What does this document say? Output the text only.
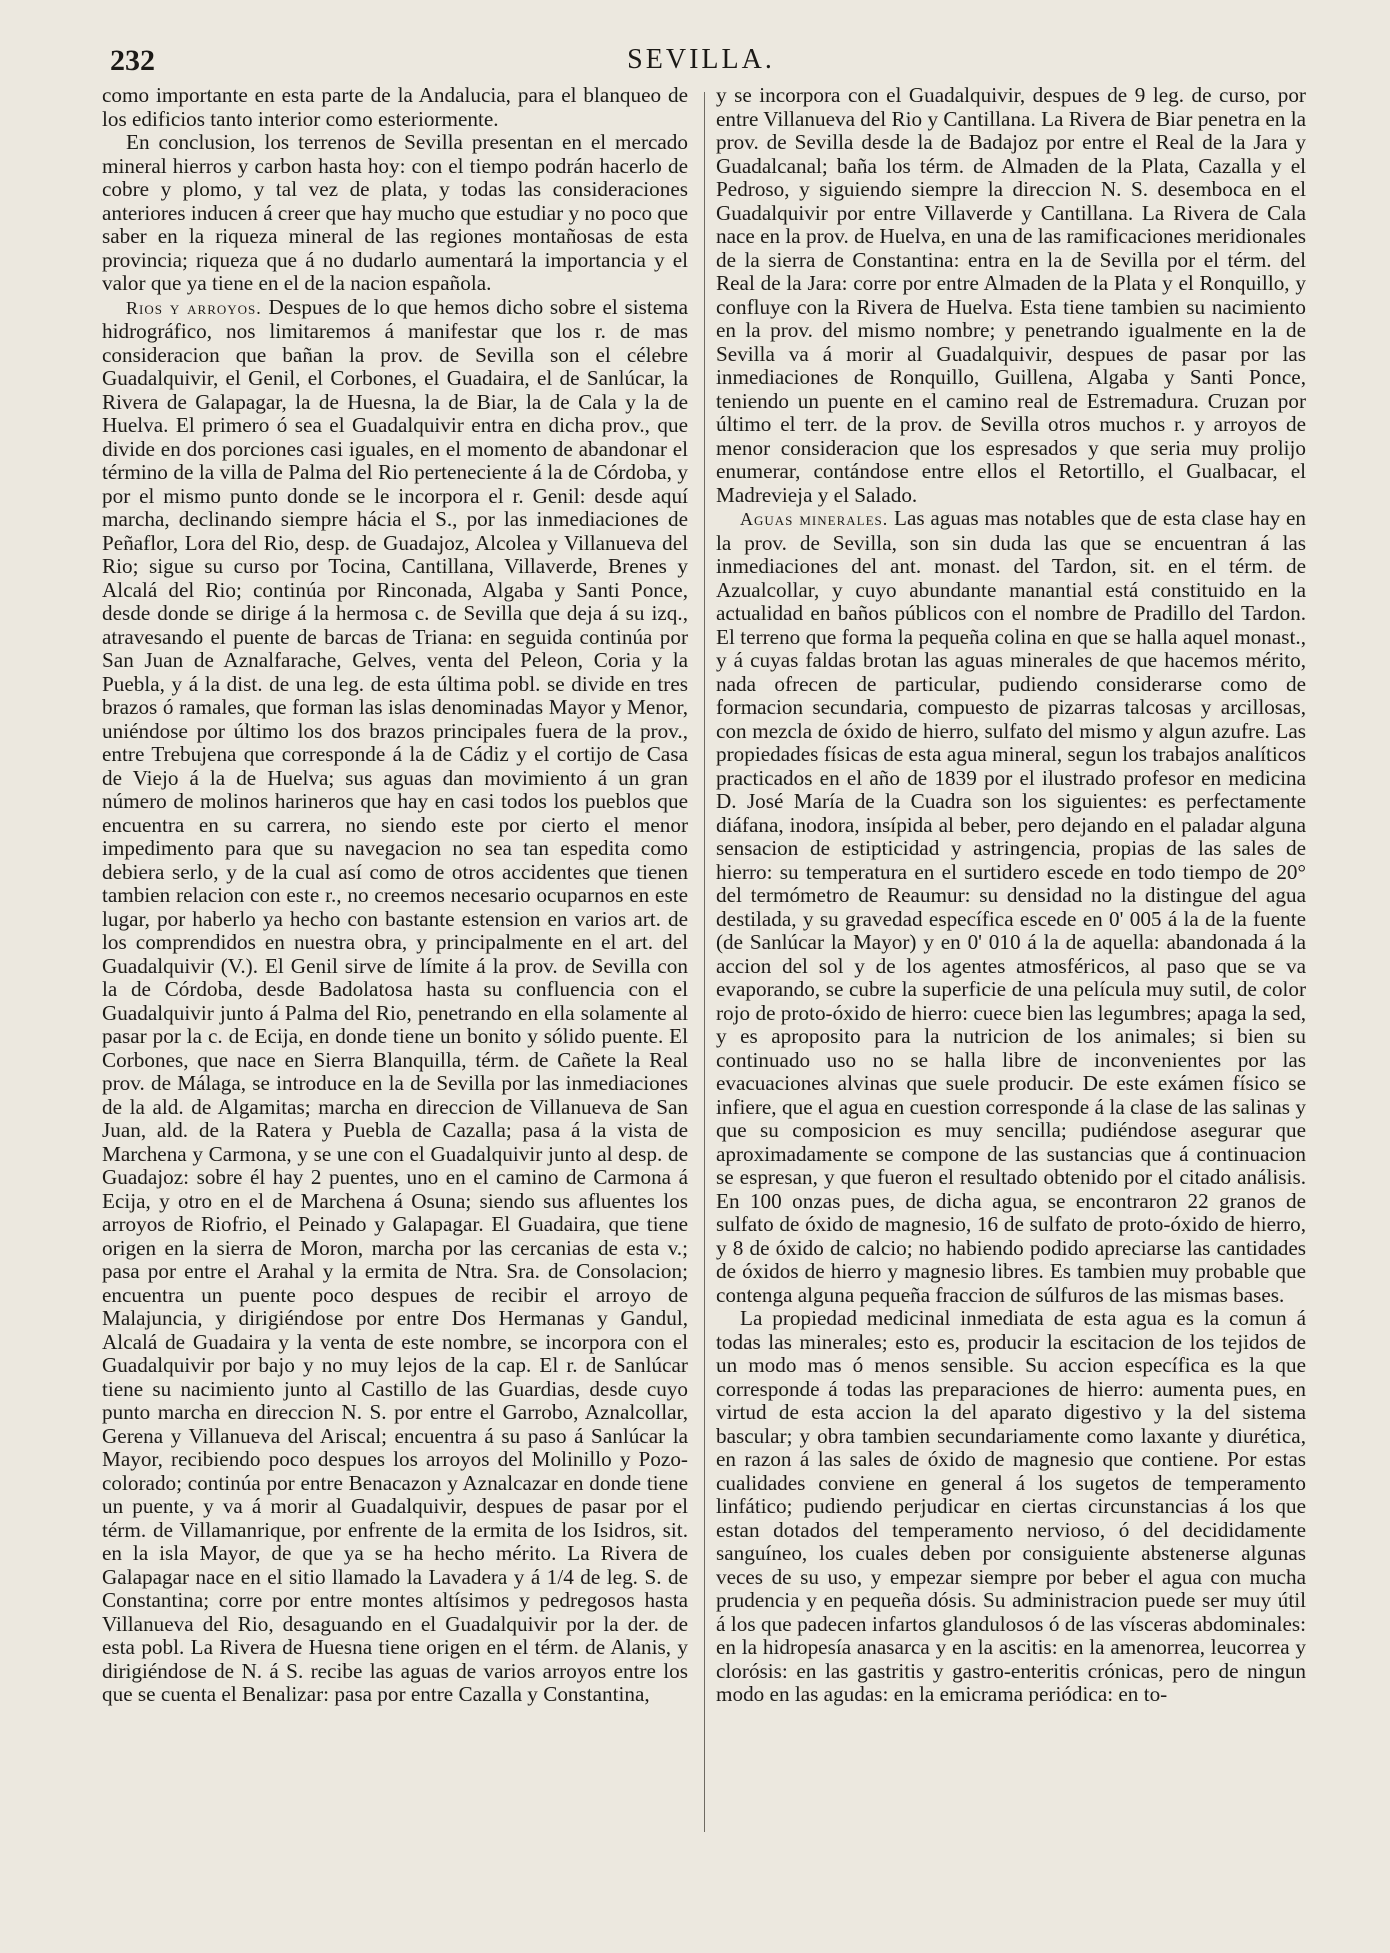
232	SEVILLA.

como importante en esta parte de la Andalucia, para el blanqueo de los edificios tanto interior como esteriormente.

En conclusion, los terrenos de Sevilla presentan en el mercado mineral hierros y carbon hasta hoy: con el tiempo podrán hacerlo de cobre y plomo, y tal vez de plata, y todas las consideraciones anteriores inducen á creer que hay mucho que estudiar y no poco que saber en la riqueza mineral de las regiones montañosas de esta provincia; riqueza que á no dudarlo aumentará la importancia y el valor que ya tiene en el de la nacion española.

Rios y arroyos. Despues de lo que hemos dicho sobre el sistema hidrográfico, nos limitaremos á manifestar que los r. de mas consideracion que bañan la prov. de Sevilla son el célebre Guadalquivir, el Genil, el Corbones, el Guadaira, el de Sanlúcar, la Rivera de Galapagar, la de Huesna, la de Biar, la de Cala y la de Huelva. El primero ó sea el Guadalquivir entra en dicha prov., que divide en dos porciones casi iguales, en el momento de abandonar el término de la villa de Palma del Rio perteneciente á la de Córdoba, y por el mismo punto donde se le incorpora el r. Genil: desde aquí marcha, declinando siempre hácia el S., por las inmediaciones de Peñaflor, Lora del Rio, desp. de Guadajoz, Alcolea y Villanueva del Rio; sigue su curso por Tocina, Cantillana, Villaverde, Brenes y Alcalá del Rio; continúa por Rinconada, Algaba y Santi Ponce, desde donde se dirige á la hermosa c. de Sevilla que deja á su izq., atravesando el puente de barcas de Triana: en seguida continúa por San Juan de Aznalfarache, Gelves, venta del Peleon, Coria y la Puebla, y á la dist. de una leg. de esta última pobl. se divide en tres brazos ó ramales, que forman las islas denominadas Mayor y Menor, uniéndose por último los dos brazos principales fuera de la prov., entre Trebujena que corresponde á la de Cádiz y el cortijo de Casa de Viejo á la de Huelva; sus aguas dan movimiento á un gran número de molinos harineros que hay en casi todos los pueblos que encuentra en su carrera, no siendo este por cierto el menor impedimento para que su navegacion no sea tan espedita como debiera serlo, y de la cual así como de otros accidentes que tienen tambien relacion con este r., no creemos necesario ocuparnos en este lugar, por haberlo ya hecho con bastante estension en varios art. de los comprendidos en nuestra obra, y principalmente en el art. del Guadalquivir (V.). El Genil sirve de límite á la prov. de Sevilla con la de Córdoba, desde Badolatosa hasta su confluencia con el Guadalquivir junto á Palma del Rio, penetrando en ella solamente al pasar por la c. de Ecija, en donde tiene un bonito y sólido puente. El Corbones, que nace en Sierra Blanquilla, térm. de Cañete la Real prov. de Málaga, se introduce en la de Sevilla por las inmediaciones de la ald. de Algamitas; marcha en direccion de Villanueva de San Juan, ald. de la Ratera y Puebla de Cazalla; pasa á la vista de Marchena y Carmona, y se une con el Guadalquivir junto al desp. de Guadajoz: sobre él hay 2 puentes, uno en el camino de Carmona á Ecija, y otro en el de Marchena á Osuna; siendo sus afluentes los arroyos de Riofrio, el Peinado y Galapagar. El Guadaira, que tiene origen en la sierra de Moron, marcha por las cercanias de esta v.; pasa por entre el Arahal y la ermita de Ntra. Sra. de Consolacion; encuentra un puente poco despues de recibir el arroyo de Malajuncia, y dirigiéndose por entre Dos Hermanas y Gandul, Alcalá de Guadaira y la venta de este nombre, se incorpora con el Guadalquivir por bajo y no muy lejos de la cap. El r. de Sanlúcar tiene su nacimiento junto al Castillo de las Guardias, desde cuyo punto marcha en direccion N. S. por entre el Garrobo, Aznalcollar, Gerena y Villanueva del Ariscal; encuentra á su paso á Sanlúcar la Mayor, recibiendo poco despues los arroyos del Molinillo y Pozo-colorado; continúa por entre Benacazon y Aznalcazar en donde tiene un puente, y va á morir al Guadalquivir, despues de pasar por el térm. de Villamanrique, por enfrente de la ermita de los Isidros, sit. en la isla Mayor, de que ya se ha hecho mérito. La Rivera de Galapagar nace en el sitio llamado la Lavadera y á 1/4 de leg. S. de Constantina; corre por entre montes altísimos y pedregosos hasta Villanueva del Rio, desaguando en el Guadalquivir por la der. de esta pobl. La Rivera de Huesna tiene origen en el térm. de Alanis, y dirigiéndose de N. á S. recibe las aguas de varios arroyos entre los que se cuenta el Benalizar: pasa por entre Cazalla y Constantina,

y se incorpora con el Guadalquivir, despues de 9 leg. de curso, por entre Villanueva del Rio y Cantillana. La Rivera de Biar penetra en la prov. de Sevilla desde la de Badajoz por entre el Real de la Jara y Guadalcanal; baña los térm. de Almaden de la Plata, Cazalla y el Pedroso, y siguiendo siempre la direccion N. S. desemboca en el Guadalquivir por entre Villaverde y Cantillana. La Rivera de Cala nace en la prov. de Huelva, en una de las ramificaciones meridionales de la sierra de Constantina: entra en la de Sevilla por el térm. del Real de la Jara: corre por entre Almaden de la Plata y el Ronquillo, y confluye con la Rivera de Huelva. Esta tiene tambien su nacimiento en la prov. del mismo nombre; y penetrando igualmente en la de Sevilla va á morir al Guadalquivir, despues de pasar por las inmediaciones de Ronquillo, Guillena, Algaba y Santi Ponce, teniendo un puente en el camino real de Estremadura. Cruzan por último el terr. de la prov. de Sevilla otros muchos r. y arroyos de menor consideracion que los espresados y que seria muy prolijo enumerar, contándose entre ellos el Retortillo, el Gualbacar, el Madrevieja y el Salado.

Aguas minerales. Las aguas mas notables que de esta clase hay en la prov. de Sevilla, son sin duda las que se encuentran á las inmediaciones del ant. monast. del Tardon, sit. en el térm. de Azualcollar, y cuyo abundante manantial está constituido en la actualidad en baños públicos con el nombre de Pradillo del Tardon. El terreno que forma la pequeña colina en que se halla aquel monast., y á cuyas faldas brotan las aguas minerales de que hacemos mérito, nada ofrecen de particular, pudiendo considerarse como de formacion secundaria, compuesto de pizarras talcosas y arcillosas, con mezcla de óxido de hierro, sulfato del mismo y algun azufre. Las propiedades físicas de esta agua mineral, segun los trabajos analíticos practicados en el año de 1839 por el ilustrado profesor en medicina D. José María de la Cuadra son los siguientes: es perfectamente diáfana, inodora, insípida al beber, pero dejando en el paladar alguna sensacion de estipticidad y astringencia, propias de las sales de hierro: su temperatura en el surtidero escede en todo tiempo de 20° del termómetro de Reaumur: su densidad no la distingue del agua destilada, y su gravedad específica escede en 0' 005 á la de la fuente (de Sanlúcar la Mayor) y en 0' 010 á la de aquella: abandonada á la accion del sol y de los agentes atmosféricos, al paso que se va evaporando, se cubre la superficie de una película muy sutil, de color rojo de proto-óxido de hierro: cuece bien las legumbres; apaga la sed, y es aproposito para la nutricion de los animales; si bien su continuado uso no se halla libre de inconvenientes por las evacuaciones alvinas que suele producir. De este exámen físico se infiere, que el agua en cuestion corresponde á la clase de las salinas y que su composicion es muy sencilla; pudiéndose asegurar que aproximadamente se compone de las sustancias que á continuacion se espresan, y que fueron el resultado obtenido por el citado análisis. En 100 onzas pues, de dicha agua, se encontraron 22 granos de sulfato de óxido de magnesio, 16 de sulfato de proto-óxido de hierro, y 8 de óxido de calcio; no habiendo podido apreciarse las cantidades de óxidos de hierro y magnesio libres. Es tambien muy probable que contenga alguna pequeña fraccion de súlfuros de las mismas bases.

La propiedad medicinal inmediata de esta agua es la comun á todas las minerales; esto es, producir la escitacion de los tejidos de un modo mas ó menos sensible. Su accion específica es la que corresponde á todas las preparaciones de hierro: aumenta pues, en virtud de esta accion la del aparato digestivo y la del sistema bascular; y obra tambien secundariamente como laxante y diurética, en razon á las sales de óxido de magnesio que contiene. Por estas cualidades conviene en general á los sugetos de temperamento linfático; pudiendo perjudicar en ciertas circunstancias á los que estan dotados del temperamento nervioso, ó del decididamente sanguíneo, los cuales deben por consiguiente abstenerse algunas veces de su uso, y empezar siempre por beber el agua con mucha prudencia y en pequeña dósis. Su administracion puede ser muy útil á los que padecen infartos glandulosos ó de las vísceras abdominales: en la hidropesía anasarca y en la ascitis: en la amenorrea, leucorrea y clorósis: en las gastritis y gastro-enteritis crónicas, pero de ningun modo en las agudas: en la emicrama periódica: en to-
